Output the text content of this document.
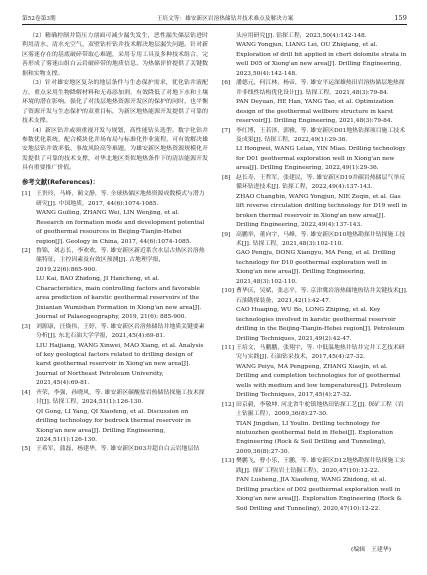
第52卷第3期	王培文等：雄安新区岩溶热储钻井技术难点及解决方案	159

（2）精确控制井筒压力剖面可减少漏失发生，恶性漏失储层钻进时利用清水、清水充空气、双壁钻杆钻井技术解决地层漏失问题。针对新区雾迷存在的基底破碎带取心难题，采用专用工具及多种技术组合，完善形成了雾迷山组白云岩破碎带的地质信息，为热储评价提供了关键数据和实物支撑。

（3）针对雄安地区复杂的地层条件与生态保护需求，优化钻井液配方，重点采用生物降解材料和无毒添加剂，有效降低了对地下水和土壤环境的潜在影响。强化了对浅层地热资源开发区的保护的同时，也平衡了资源开发与生态保护的双重目标，为新区地热能源开发提供了可靠的技术支撑。

（4）新区钻井或须重视开发与规划，高性能钻头选型、数字化钻井参数优化系统、配合模块化井场布局与标准化作业流程，可有效解决雄安地层钻井效率低、事故风险高等难题，为雄安新区地热资源规模化开发提供了可靠的技术支撑，对华北地区类似地热条件下的清洁能源开发具有重要推广价值。

参考文献(References)：
[1] 王贵玲，马峰，蔺文静，等. 全球热储区地热资源成数模式与潜力研究[J]. 中国地质，2017, 44(6):1074-1085.
WANG Guiling, ZHANG Wei, LIN Wenjing, et al. Research on formation mode and development potential of geothermal resources in Beijing-Tianjin-Hebei region[J]. Geology in China, 2017, 44(6):1074-1085.
[2] 鲁锦，刘志长，李欢欢，等. 雄安新区新近系含水层古热区岩溶热储特征，主控因素及有效区预测[J]. 古地理学报，2019,22(6):865-900.
LU Kai, BAO Zhidong, JI Hancheng, et al. Characteristics, main controlling factors and favorable area prediction of karstic geothermal reservoirs of the Jixianian Wumishan Formation in Xiong'an new area[J]. Journal of Palaeogeography, 2019, 21(6): 885-900.
[3] 刘源康，汪焕伟，王婷，等. 雄安新区岩溶热储钻井地质关键要素分析[J]. 东北石油大学学报，2021,45(4):69-81.
LIU Haijiang, WANG Xinwei, MAO Xiang, et al. Analysis of key geological factors related to drilling design of karst geothermal reservoir in Xiong'an new area[J]. Journal of Northeast Petroleum University, 2021,45(4):69-81.
[4] 齐荣，李强，孙晓风，等. 雄安新区碳酸盐岩热储钻探施工技术探讨[J]. 钻探工程，2024,51(1):126-130.
QI Gong, LI Yang, QI Xiaofeng, et al. Discussion on drilling technology for bedrock thermal reservoir in Xiong'an new area[J]. Drilling Engineering, 2024,51(1):126-130.
[5] 王希军，蒲磊，杨建华，等. 雄安新区D03并超自白云岩地层钻
头应用研究[J]. 钻探工程，2023,50(4):142-148.
WANG Yongjun, LIANG Lei, OU Zhiqiang, et al. Exploration of drill bit applied in chert dolomite strata in well D05 of Xiong'an new area[J]. Drilling Engineering, 2023,50(4):142-148.
[6] 潘德元，何江林，杨帝，等. 雄安平运深雄热田岩溶热储层地热探井非线性结构优化设计[J]. 钻探工程，2021,48(3):79-84.
PAN Deyuan, HE Han, YANG Tao, et al. Optimization design of the geothermal wellbore structure in karst reservoir[J]. Drilling Engineering, 2021,48(3):79-84.
[7] 李红博，王若泽，郭雅，等. 雄安新区D01地热钻探项目施工技术及成果[J]. 钻探工程，2022,49(1):29-36.
LI Hongwei, WANG Lelan, YIN Miao. Drilling technology for D01 geothermal exploration well in Xiong'an new area[J]. Drilling Engineering, 2022,49(1):29-36.
[8] 赵长寿，王哲军，张建民，等. 雄安新区D19井碳岩热储层气举反循环钻进技术[J]. 钻探工程，2022,49(4):137-143.
ZHAO Changbin, WANG Yongjun, NIE Zeqin, et al. Gas lift reverse circulation drilling technology for D19 well in broken thermal reservoir in Xiong'an new area[J]. Drilling Engineering, 2022,49(4):137-143.
[9] 高鹏举，董向宇，马峰，等. 雄安新区D10地热勘探井钻探施工技术[J]. 钻探工程，2021,48(3):102-110.
GAO Pengju, DONG Xiangyu, MA Feng, et al. Drilling technology for D10 geothermal exploration well in Xiong'an new area[J]. Drilling Engineering, 2021,48(3):102-110.
[10] 曹华庆，吴斌，张志平，等. 京津冀岩溶热储地热钻井关键技术[J]. 石油勘探装备，2021,42(1):42-47.
CAO Huaqing, WU Bo, LONG Zhiping, et al. Key technologies involved in karstic geothermal reservoir drilling in the Beijing-Tianjin-Hebei region[J]. Petroleum Drilling Techniques, 2021,49(2):42-47.
[11] 王培文，马鹏鹏，张翔宇，等. 中低温地热井钻井完井工艺技术研究与实践[J]. 石油钻采技术，2017,45(4):27-32.
WANG Peiyu, MA Pengpeng, ZHANG Xiaojin, et al. Drilling and completion technologies for of geothermal wells with medium and low temperatures[J]. Petroleum Drilling Techniques, 2017,45(4):27-32.
[12] 田京毅，李敬坤. 河北省牛驼镇地热田钻探工艺[J]. 探矿工程（岩土钻掘工程），2009,36(8):27-30.
TIAN Jingdian, LI Youlin. Drilling technology for niutuozhen geothermal field in Hebei[J]. Exploration Engineering (Rock & Soil Drilling and Tunneling), 2009,36(8):27-30.
[13] 樊鹏飞，曹小乐，王鹏，等. 雄安新区D12地热勘探井钻探施工实践[J]. 探矿工程(岩土钻掘工程)，2020,47(10):12-22.
FAN Lusheng, JIA Xiaofeng, WANG Zhidong, et al. Drilling practice of D02 geothermal exploration well in Xiong'an new area[J]. Exploration Engineering (Rock & Soil Drilling and Tunneling), 2020,47(10):12-22.
(编辑　王建华)
